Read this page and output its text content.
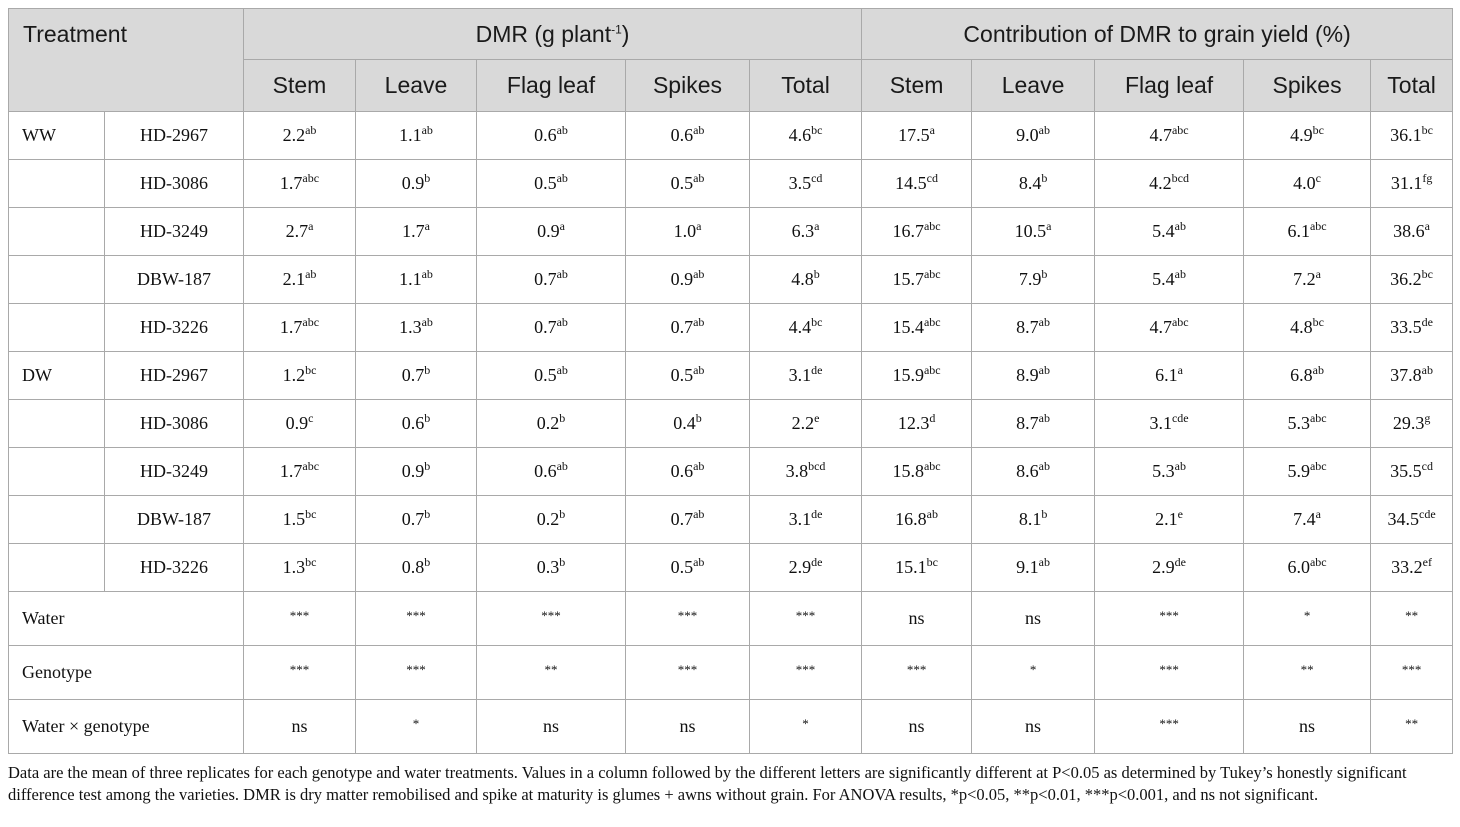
Treatment		DMR (g plant$^{-1}$)					Contribution of DMR to grain yield (%)				
		Stem	Leave	Flag leaf	Spikes	Total	Stem	Leave	Flag leaf	Spikes	Total
WW	HD-2967	2.2$^{ab}$	1.1$^{ab}$	0.6$^{ab}$	0.6$^{ab}$	4.6$^{bc}$	17.5$^a$	9.0$^{ab}$	4.7$^{abc}$	4.9$^{bc}$	36.1$^{bc}$
	HD-3086	1.7$^{abc}$	0.9$^b$	0.5$^{ab}$	0.5$^{ab}$	3.5$^{cd}$	14.5$^{cd}$	8.4$^b$	4.2$^{bcd}$	4.0$^c$	31.1$^{fg}$
	HD-3249	2.7$^a$	1.7$^a$	0.9$^a$	1.0$^a$	6.3$^a$	16.7$^{abc}$	10.5$^a$	5.4$^{ab}$	6.1$^{abc}$	38.6$^a$
	DBW-187	2.1$^{ab}$	1.1$^{ab}$	0.7$^{ab}$	0.9$^{ab}$	4.8$^b$	15.7$^{abc}$	7.9$^b$	5.4$^{ab}$	7.2$^a$	36.2$^{bc}$
	HD-3226	1.7$^{abc}$	1.3$^{ab}$	0.7$^{ab}$	0.7$^{ab}$	4.4$^{bc}$	15.4$^{abc}$	8.7$^{ab}$	4.7$^{abc}$	4.8$^{bc}$	33.5de
DW	HD-2967	1.2$^{bc}$	0.7$^b$	0.5$^{ab}$	0.5$^{ab}$	3.1de	15.9$^{abc}$	8.9$^{ab}$	6.1$^a$	6.8$^{ab}$	37.8$^{ab}$
	HD-3086	0.9$^c$	0.6$^b$	0.2$^b$	0.4$^b$	2.2e	12.3$^d$	8.7$^{ab}$	3.1$^{cde}$	5.3$^{abc}$	29.3$^g$
	HD-3249	1.7$^{abc}$	0.9$^b$	0.6$^{ab}$	0.6$^{ab}$	3.8$^{bcd}$	15.8$^{abc}$	8.6$^{ab}$	5.3$^{ab}$	5.9$^{abc}$	35.5$^{cd}$
	DBW-187	1.5$^{bc}$	0.7$^b$	0.2$^b$	0.7$^{ab}$	3.1de	16.8$^{ab}$	8.1$^b$	2.1e	7.4$^a$	34.5$^{cde}$
	HD-3226	1.3$^{bc}$	0.8$^b$	0.3$^b$	0.5$^{ab}$	2.9de	15.1$^{bc}$	9.1$^{ab}$	2.9de	6.0$^{abc}$	33.2$^{ef}$
Water		***	***	***	***	***	ns	ns	***	*	**
Genotype		***	***	**	***	***	***	*	***	**	***
Water × genotype		ns	*	ns	ns	*	ns	ns	***	ns	**
Data are the mean of three replicates for each genotype and water treatments. Values in a column followed by the different letters are significantly different at P<0.05 as determined by Tukey’s honestly significant difference test among the varieties. DMR is dry matter remobilised and spike at maturity is glumes + awns without grain. For ANOVA results, *p<0.05, **p<0.01, ***p<0.001, and ns not significant.
